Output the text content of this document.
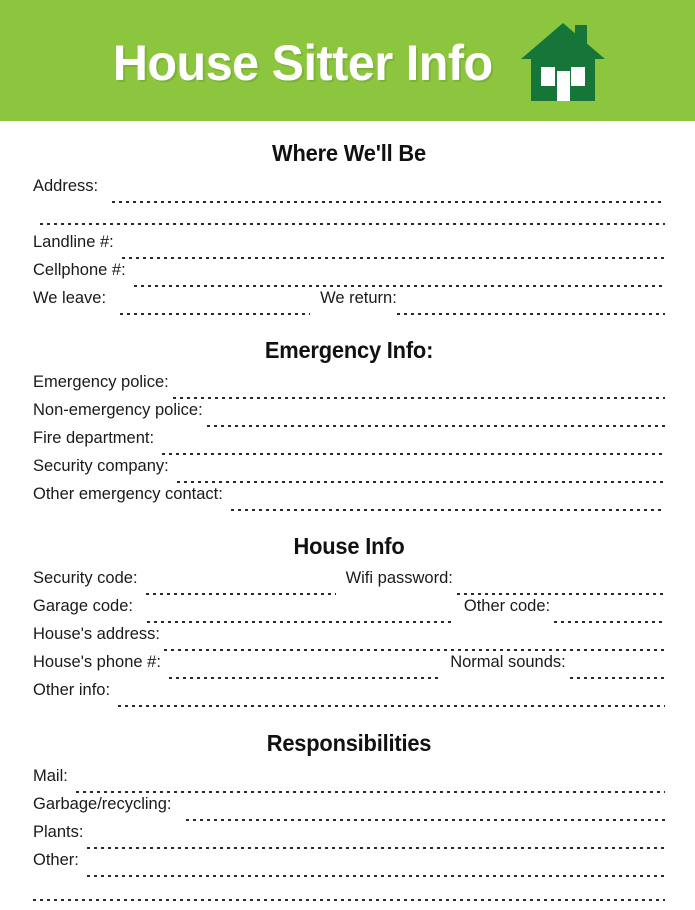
House Sitter Info
Where We'll Be
Address:
Landline #:
Cellphone #:
We leave:	We return:
Emergency Info:
Emergency police:
Non-emergency police:
Fire department:
Security company:
Other emergency contact:
House Info
Security code:	Wifi password:
Garage code:	Other code:
House's address:
House's phone #:	Normal sounds:
Other info:
Responsibilities
Mail:
Garbage/recycling:
Plants:
Other:
